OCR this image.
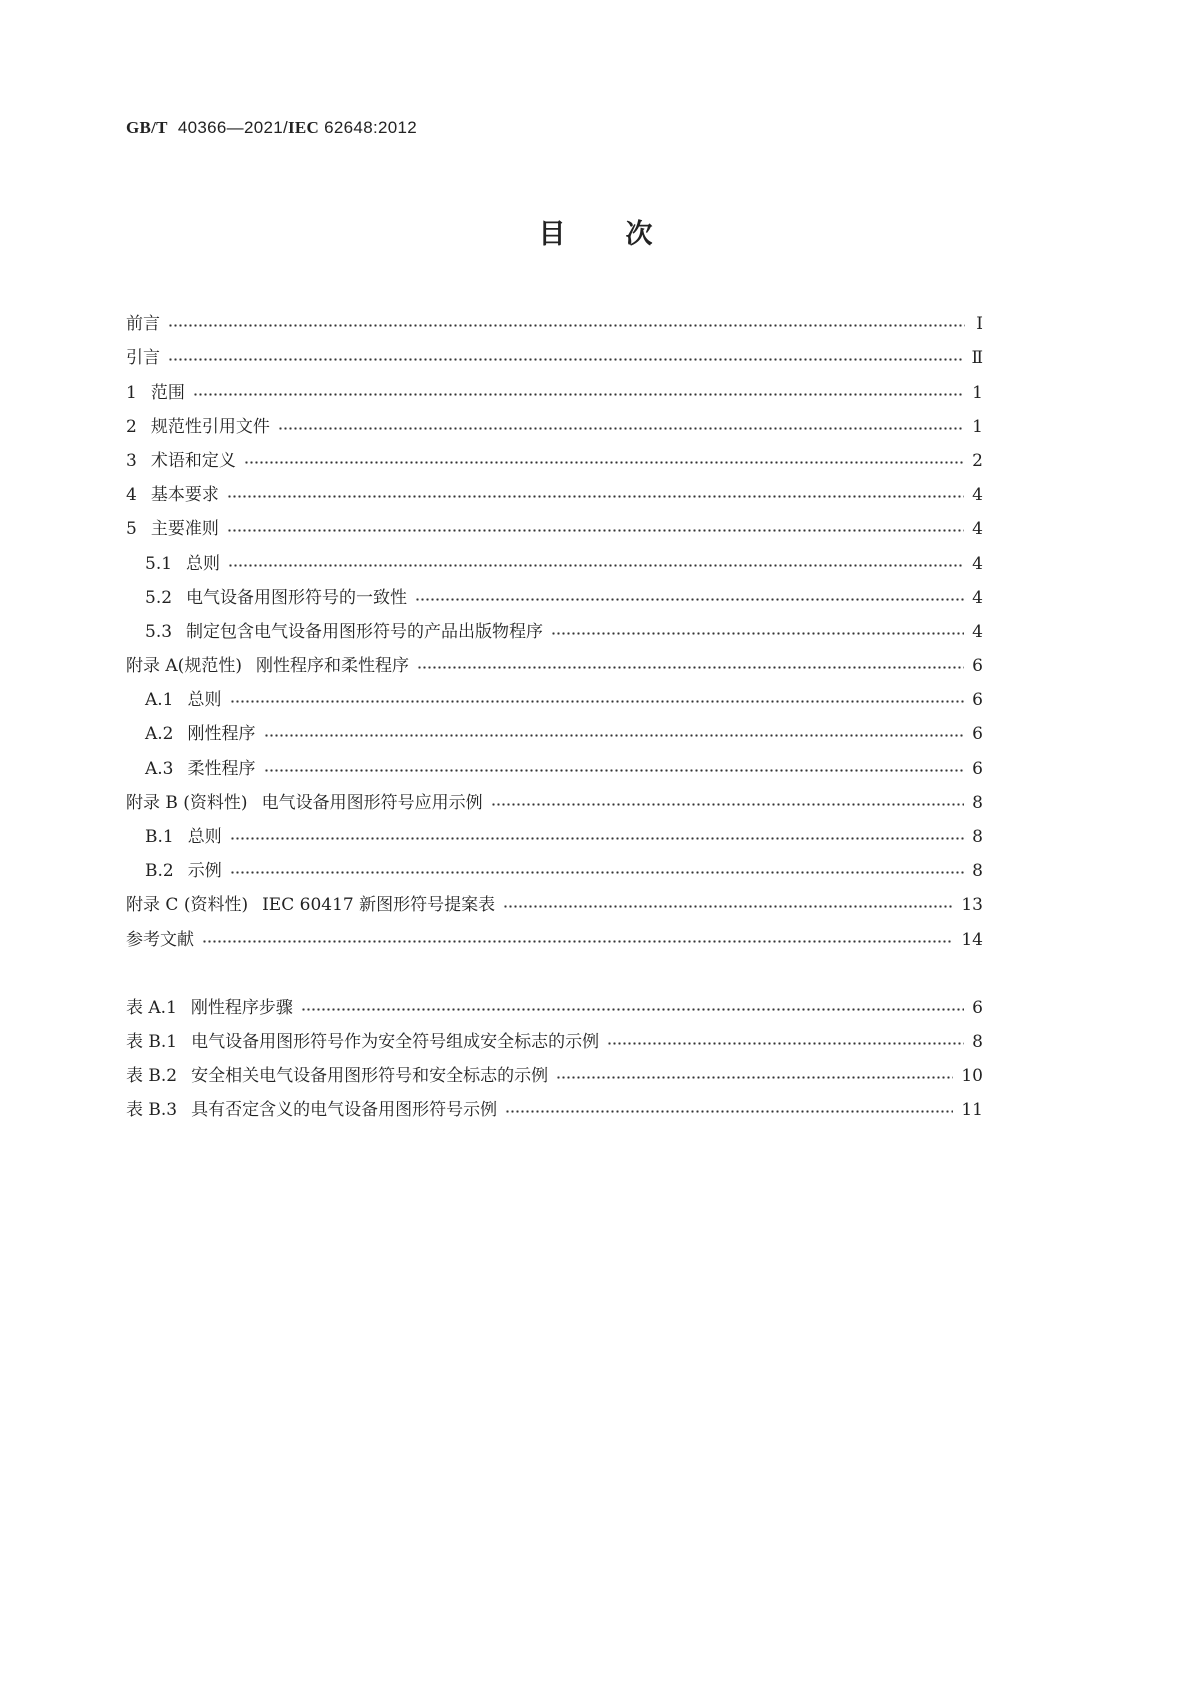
GB/T 40366—2021/IEC 62648:2012
目次
前言	Ⅰ
引言	Ⅱ
1 范围	1
2 规范性引用文件	1
3 术语和定义	2
4 基本要求	4
5 主要准则	4
5.1 总则	4
5.2 电气设备用图形符号的一致性	4
5.3 制定包含电气设备用图形符号的产品出版物程序	4
附录 A(规范性) 刚性程序和柔性程序	6
A.1 总则	6
A.2 刚性程序	6
A.3 柔性程序	6
附录 B (资料性) 电气设备用图形符号应用示例	8
B.1 总则	8
B.2 示例	8
附录 C (资料性) IEC 60417 新图形符号提案表	13
参考文献	14
表 A.1 刚性程序步骤	6
表 B.1 电气设备用图形符号作为安全符号组成安全标志的示例	8
表 B.2 安全相关电气设备用图形符号和安全标志的示例	10
表 B.3 具有否定含义的电气设备用图形符号示例	11
